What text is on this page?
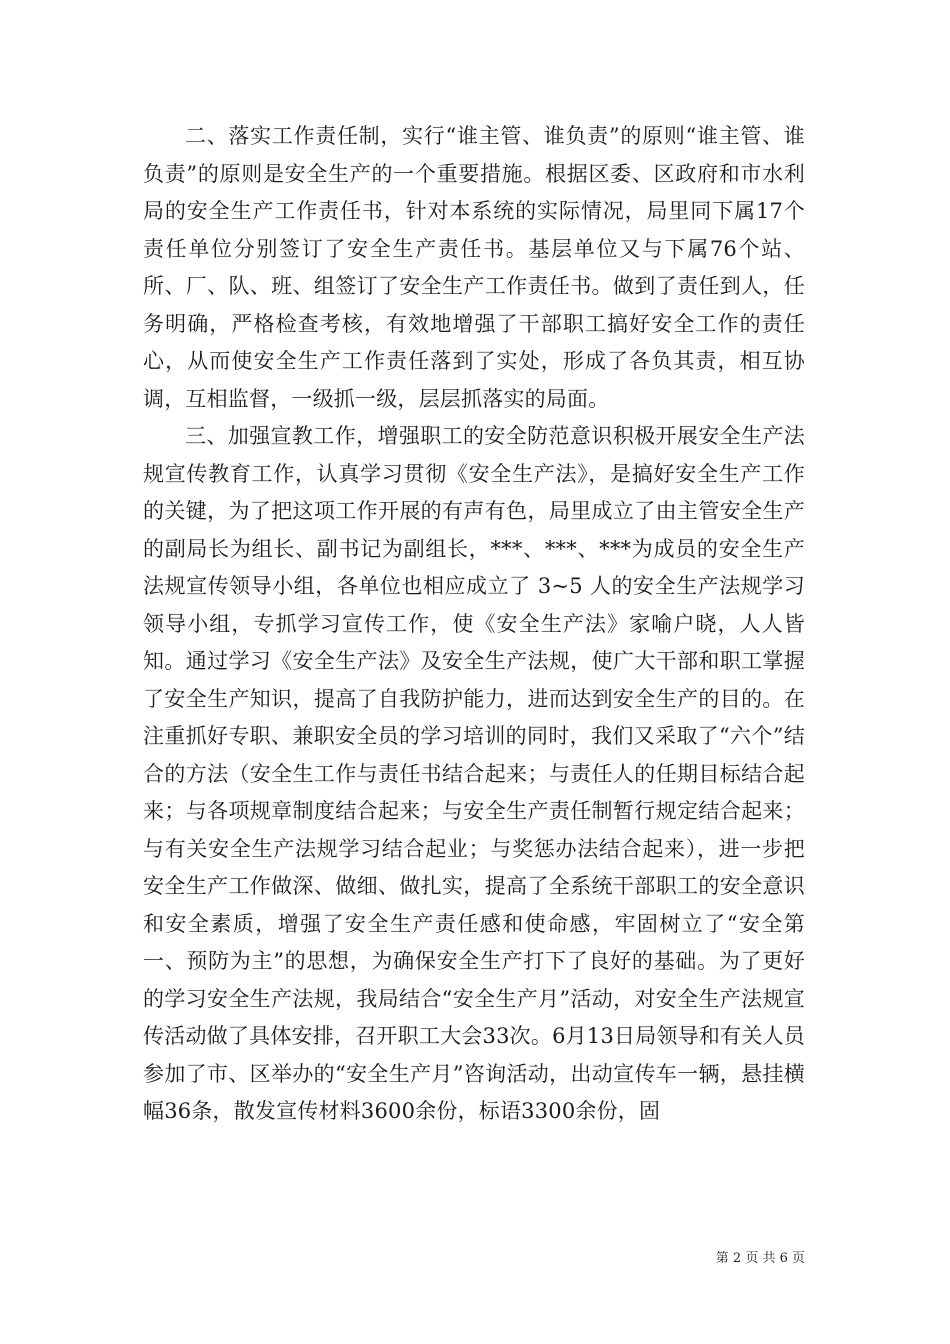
二、落实工作责任制，实行“谁主管、谁负责”的原则“谁主管、谁负责”的原则是安全生产的一个重要措施。根据区委、区政府和市水利局的安全生产工作责任书，针对本系统的实际情况，局里同下属17个责任单位分别签订了安全生产责任书。基层单位又与下属76个站、所、厂、队、班、组签订了安全生产工作责任书。做到了责任到人，任务明确，严格检查考核，有效地增强了干部职工搞好安全工作的责任心，从而使安全生产工作责任落到了实处，形成了各负其责，相互协调，互相监督，一级抓一级，层层抓落实的局面。

三、加强宣教工作，增强职工的安全防范意识积极开展安全生产法规宣传教育工作，认真学习贯彻《安全生产法》，是搞好安全生产工作的关键，为了把这项工作开展的有声有色，局里成立了由主管安全生产的副局长为组长、副书记为副组长，***、***、***为成员的安全生产法规宣传领导小组，各单位也相应成立了 3~5 人的安全生产法规学习领导小组，专抓学习宣传工作，使《安全生产法》家喻户晓，人人皆知。通过学习《安全生产法》及安全生产法规，使广大干部和职工掌握了安全生产知识，提高了自我防护能力，进而达到安全生产的目的。在注重抓好专职、兼职安全员的学习培训的同时，我们又采取了“六个”结合的方法（安全生工作与责任书结合起来；与责任人的任期目标结合起来；与各项规章制度结合起来；与安全生产责任制暂行规定结合起来；与有关安全生产法规学习结合起业；与奖惩办法结合起来），进一步把安全生产工作做深、做细、做扎实，提高了全系统干部职工的安全意识和安全素质，增强了安全生产责任感和使命感，牢固树立了“安全第一、预防为主”的思想，为确保安全生产打下了良好的基础。为了更好的学习安全生产法规，我局结合“安全生产月”活动，对安全生产法规宣传活动做了具体安排，召开职工大会33次。6月13日局领导和有关人员参加了市、区举办的“安全生产月”咨询活动，出动宣传车一辆，悬挂横幅36条，散发宣传材料3600余份，标语3300余份，固

第 2 页 共 6 页
